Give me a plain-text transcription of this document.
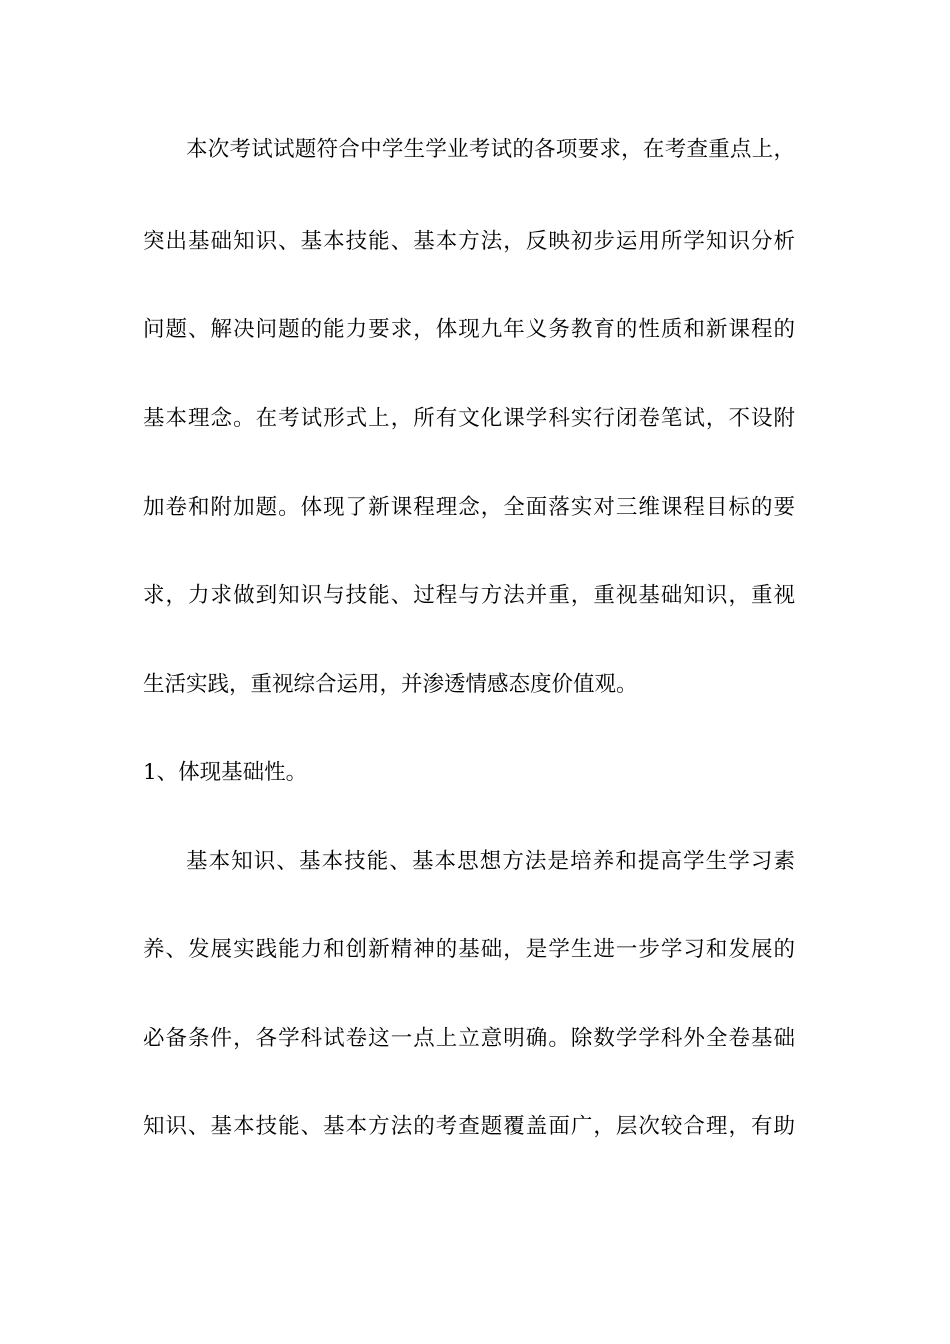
本次考试试题符合中学生学业考试的各项要求，在考查重点上，
突出基础知识、基本技能、基本方法，反映初步运用所学知识分析
问题、解决问题的能力要求，体现九年义务教育的性质和新课程的
基本理念。在考试形式上，所有文化课学科实行闭卷笔试，不设附
加卷和附加题。体现了新课程理念，全面落实对三维课程目标的要
求，力求做到知识与技能、过程与方法并重，重视基础知识，重视
生活实践，重视综合运用，并渗透情感态度价值观。
1、体现基础性。
基本知识、基本技能、基本思想方法是培养和提高学生学习素
养、发展实践能力和创新精神的基础，是学生进一步学习和发展的
必备条件，各学科试卷这一点上立意明确。除数学学科外全卷基础
知识、基本技能、基本方法的考查题覆盖面广，层次较合理，有助
